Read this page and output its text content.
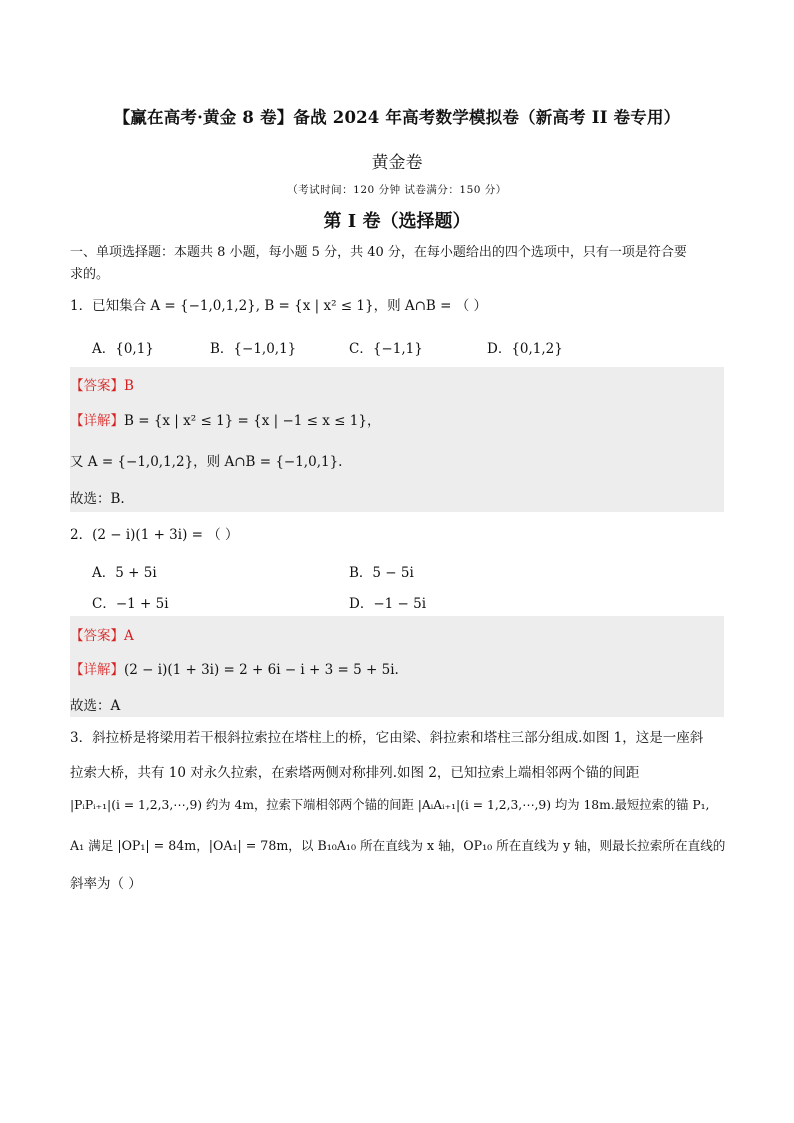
【赢在高考·黄金 8 卷】备战 2024 年高考数学模拟卷（新高考 II 卷专用）
黄金卷
（考试时间：120 分钟 试卷满分：150 分）
第 I 卷（选择题）
一、单项选择题：本题共 8 小题，每小题 5 分，共 40 分，在每小题给出的四个选项中，只有一项是符合要
求的。
1．已知集合 A = {−1,0,1,2}, B = {x | x² ≤ 1}，则 A∩B = （ ）
A．{0,1}	B．{−1,0,1}	C．{−1,1}	D．{0,1,2}
【答案】B
【详解】B = {x | x² ≤ 1} = {x | −1 ≤ x ≤ 1}，
又 A = {−1,0,1,2}，则 A∩B = {−1,0,1}.
故选：B.
2．(2 − i)(1 + 3i) = （ ）
A．5 + 5i	B．5 − 5i
C．−1 + 5i	D．−1 − 5i
【答案】A
【详解】(2 − i)(1 + 3i) = 2 + 6i − i + 3 = 5 + 5i.
故选：A
3．斜拉桥是将梁用若干根斜拉索拉在塔柱上的桥，它由梁、斜拉索和塔柱三部分组成.如图 1，这是一座斜
拉索大桥，共有 10 对永久拉索，在索塔两侧对称排列.如图 2，已知拉索上端相邻两个锚的间距
|PᵢPᵢ₊₁|(i = 1,2,3,⋯,9) 约为 4m，拉索下端相邻两个锚的间距 |AᵢAᵢ₊₁|(i = 1,2,3,⋯,9) 均为 18m.最短拉索的锚 P₁,
A₁ 满足 |OP₁| = 84m，|OA₁| = 78m，以 B₁₀A₁₀ 所在直线为 x 轴，OP₁₀ 所在直线为 y 轴，则最长拉索所在直线的
斜率为（ ）
